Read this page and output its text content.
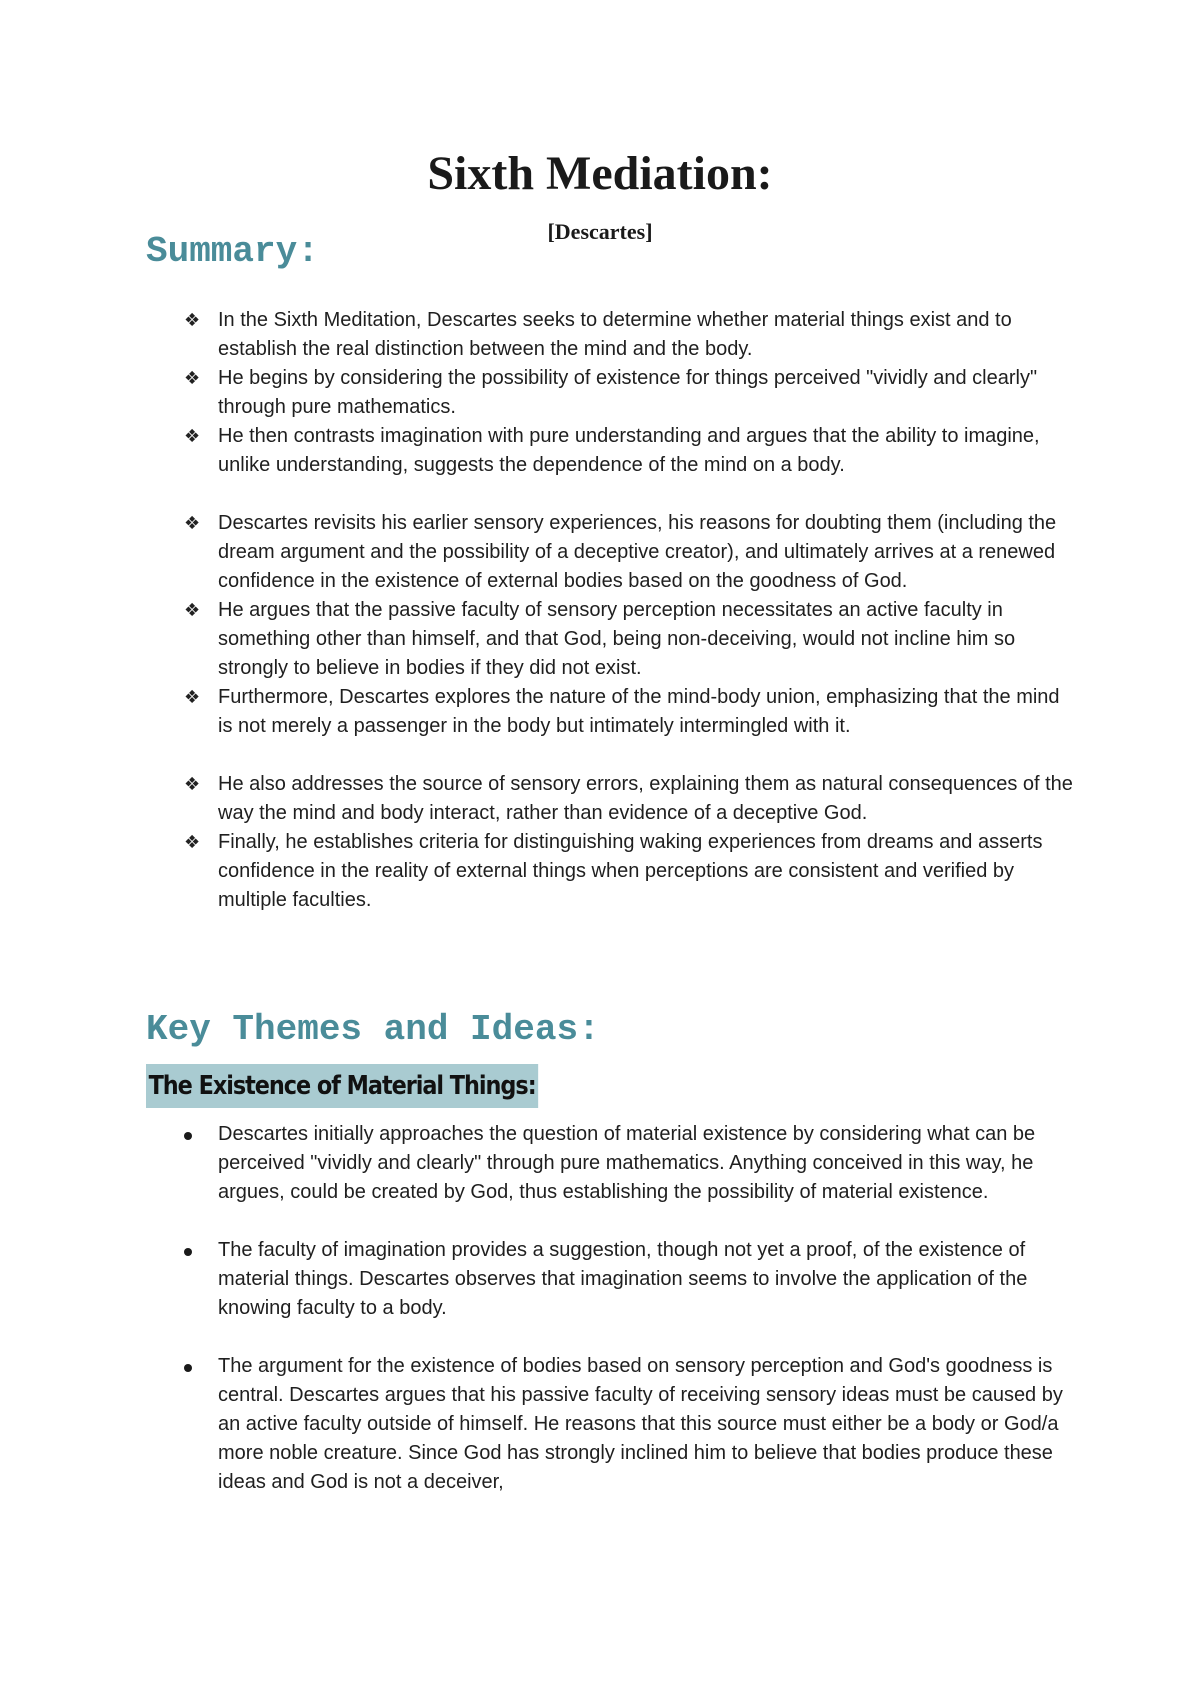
Sixth Mediation:
[Descartes]
Summary:
❖ In the Sixth Meditation, Descartes seeks to determine whether material things exist and to establish the real distinction between the mind and the body.
❖ He begins by considering the possibility of existence for things perceived "vividly and clearly" through pure mathematics.
❖ He then contrasts imagination with pure understanding and argues that the ability to imagine, unlike understanding, suggests the dependence of the mind on a body.
❖ Descartes revisits his earlier sensory experiences, his reasons for doubting them (including the dream argument and the possibility of a deceptive creator), and ultimately arrives at a renewed confidence in the existence of external bodies based on the goodness of God.
❖ He argues that the passive faculty of sensory perception necessitates an active faculty in something other than himself, and that God, being non-deceiving, would not incline him so strongly to believe in bodies if they did not exist.
❖ Furthermore, Descartes explores the nature of the mind-body union, emphasizing that the mind is not merely a passenger in the body but intimately intermingled with it.
❖ He also addresses the source of sensory errors, explaining them as natural consequences of the way the mind and body interact, rather than evidence of a deceptive God.
❖ Finally, he establishes criteria for distinguishing waking experiences from dreams and asserts confidence in the reality of external things when perceptions are consistent and verified by multiple faculties.
Key Themes and Ideas:
The Existence of Material Things:
Descartes initially approaches the question of material existence by considering what can be perceived "vividly and clearly" through pure mathematics. Anything conceived in this way, he argues, could be created by God, thus establishing the possibility of material existence.
The faculty of imagination provides a suggestion, though not yet a proof, of the existence of material things. Descartes observes that imagination seems to involve the application of the knowing faculty to a body.
The argument for the existence of bodies based on sensory perception and God's goodness is central. Descartes argues that his passive faculty of receiving sensory ideas must be caused by an active faculty outside of himself. He reasons that this source must either be a body or God/a more noble creature. Since God has strongly inclined him to believe that bodies produce these ideas and God is not a deceiver,
